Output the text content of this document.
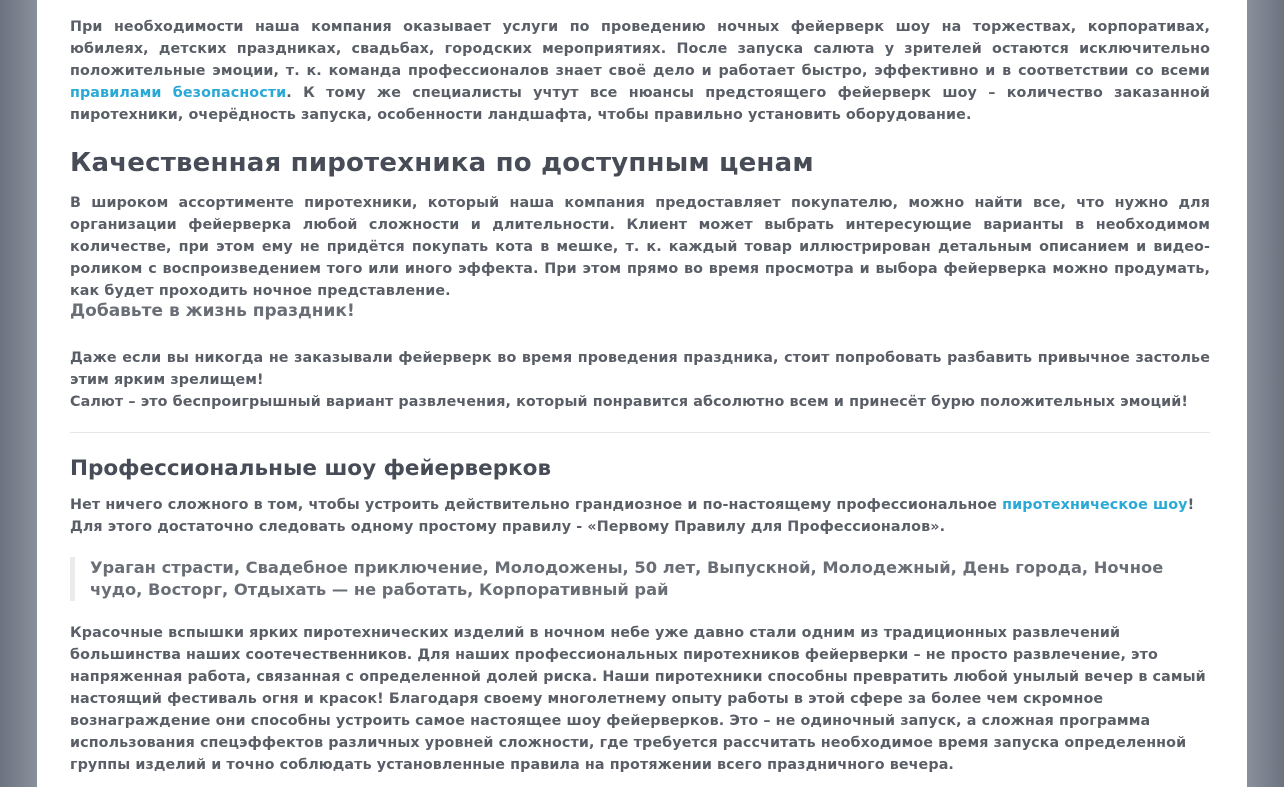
При необходимости наша компания оказывает услуги по проведению ночных фейерверк шоу на торжествах, корпоративах, юбилеях, детских праздниках, свадьбах, городских мероприятиях. После запуска салюта у зрителей остаются исключительно положительные эмоции, т. к. команда профессионалов знает своё дело и работает быстро, эффективно и в соответствии со всеми правилами безопасности. К тому же специалисты учтут все нюансы предстоящего фейерверк шоу – количество заказанной пиротехники, очерёдность запуска, особенности ландшафта, чтобы правильно установить оборудование.

Качественная пиротехника по доступным ценам

В широком ассортименте пиротехники, который наша компания предоставляет покупателю, можно найти все, что нужно для организации фейерверка любой сложности и длительности. Клиент может выбрать интересующие варианты в необходимом количестве, при этом ему не придётся покупать кота в мешке, т. к. каждый товар иллюстрирован детальным описанием и видео-роликом с воспроизведением того или иного эффекта. При этом прямо во время просмотра и выбора фейерверка можно продумать, как будет проходить ночное представление.

Добавьте в жизнь праздник!

Даже если вы никогда не заказывали фейерверк во время проведения праздника, стоит попробовать разбавить привычное застолье этим ярким зрелищем!

Салют – это беспроигрышный вариант развлечения, который понравится абсолютно всем и принесёт бурю положительных эмоций!

Профессиональные шоу фейерверков

Нет ничего сложного в том, чтобы устроить действительно грандиозное и по-настоящему профессиональное пиротехническое шоу! Для этого достаточно следовать одному простому правилу - «Первому Правилу для Профессионалов».

Ураган страсти, Свадебное приключение, Молодожены, 50 лет, Выпускной, Молодежный, День города, Ночное чудо, Восторг, Отдыхать — не работать, Корпоративный рай

Красочные вспышки ярких пиротехнических изделий в ночном небе уже давно стали одним из традиционных развлечений большинства наших соотечественников. Для наших профессиональных пиротехников фейерверки – не просто развлечение, это напряженная работа, связанная с определенной долей риска. Наши пиротехники способны превратить любой унылый вечер в самый настоящий фестиваль огня и красок! Благодаря своему многолетнему опыту работы в этой сфере за более чем скромное вознаграждение они способны устроить самое настоящее шоу фейерверков. Это – не одиночный запуск, а сложная программа использования спецэффектов различных уровней сложности, где требуется рассчитать необходимое время запуска определенной группы изделий и точно соблюдать установленные правила на протяжении всего праздничного вечера.
